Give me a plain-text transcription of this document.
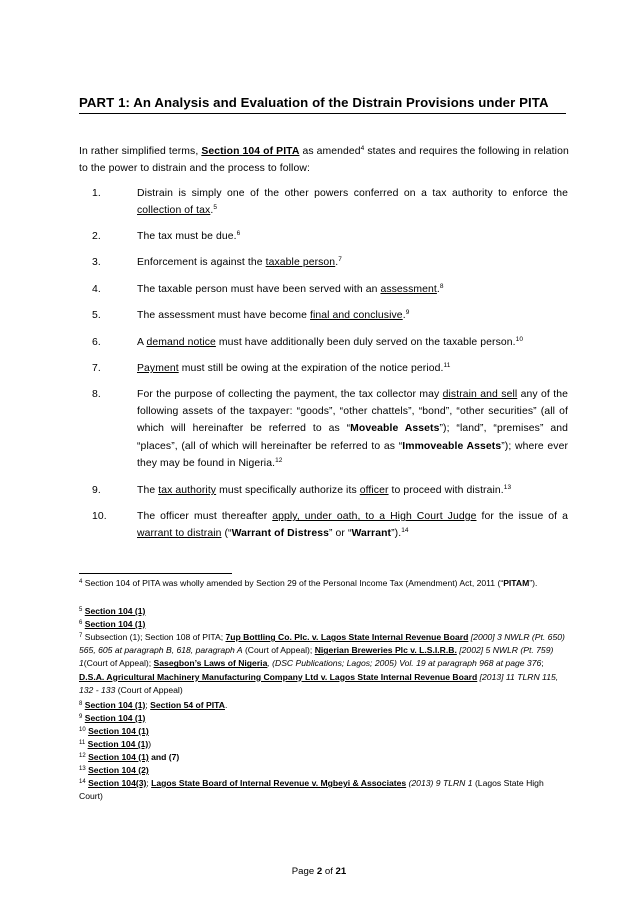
PART 1: An Analysis and Evaluation of the Distrain Provisions under PITA
In rather simplified terms, Section 104 of PITA as amended$^4$ states and requires the following in relation to the power to distrain and the process to follow:
1.	Distrain is simply one of the other powers conferred on a tax authority to enforce the collection of tax.$^5$
2.	The tax must be due.$^6$
3.	Enforcement is against the taxable person.$^7$
4.	The taxable person must have been served with an assessment.$^8$
5.	The assessment must have become final and conclusive.$^9$
6.	A demand notice must have additionally been duly served on the taxable person.$^{10}$
7.	Payment must still be owing at the expiration of the notice period.$^{11}$
8.	For the purpose of collecting the payment, the tax collector may distrain and sell any of the following assets of the taxpayer: “goods”, “other chattels”, “bond”, “other securities” (all of which will hereinafter be referred to as “Moveable Assets”); “land”, “premises” and “places”, (all of which will hereinafter be referred to as “Immoveable Assets”); where ever they may be found in Nigeria.$^{12}$
9.	The tax authority must specifically authorize its officer to proceed with distrain.$^{13}$
10.	The officer must thereafter apply, under oath, to a High Court Judge for the issue of a warrant to distrain (“Warrant of Distress” or “Warrant”).$^{14}$
$^4$ Section 104 of PITA was wholly amended by Section 29 of the Personal Income Tax (Amendment) Act, 2011 (“PITAM”).
$^5$ Section 104 (1)
$^6$ Section 104 (1)
$^7$ Subsection (1); Section 108 of PITA; 7up Bottling Co. Plc. v. Lagos State Internal Revenue Board [2000] 3 NWLR (Pt. 650) 565, 605 at paragraph B, 618, paragraph A (Court of Appeal); Nigerian Breweries Plc v. L.S.I.R.B. [2002] 5 NWLR (Pt. 759) 1(Court of Appeal); Sasegbon’s Laws of Nigeria, (DSC Publications; Lagos; 2005) Vol. 19 at paragraph 968 at page 376; D.S.A. Agricultural Machinery Manufacturing Company Ltd v. Lagos State Internal Revenue Board [2013] 11 TLRN 115, 132 - 133 (Court of Appeal)
$^8$ Section 104 (1); Section 54 of PITA.
$^9$ Section 104 (1)
$^{10}$ Section 104 (1)
$^{11}$ Section 104 (1))
$^{12}$ Section 104 (1) and (7)
$^{13}$ Section 104 (2)
$^{14}$ Section 104(3); Lagos State Board of Internal Revenue v. Mgbeyi & Associates (2013) 9 TLRN 1 (Lagos State High Court)
Page 2 of 21
